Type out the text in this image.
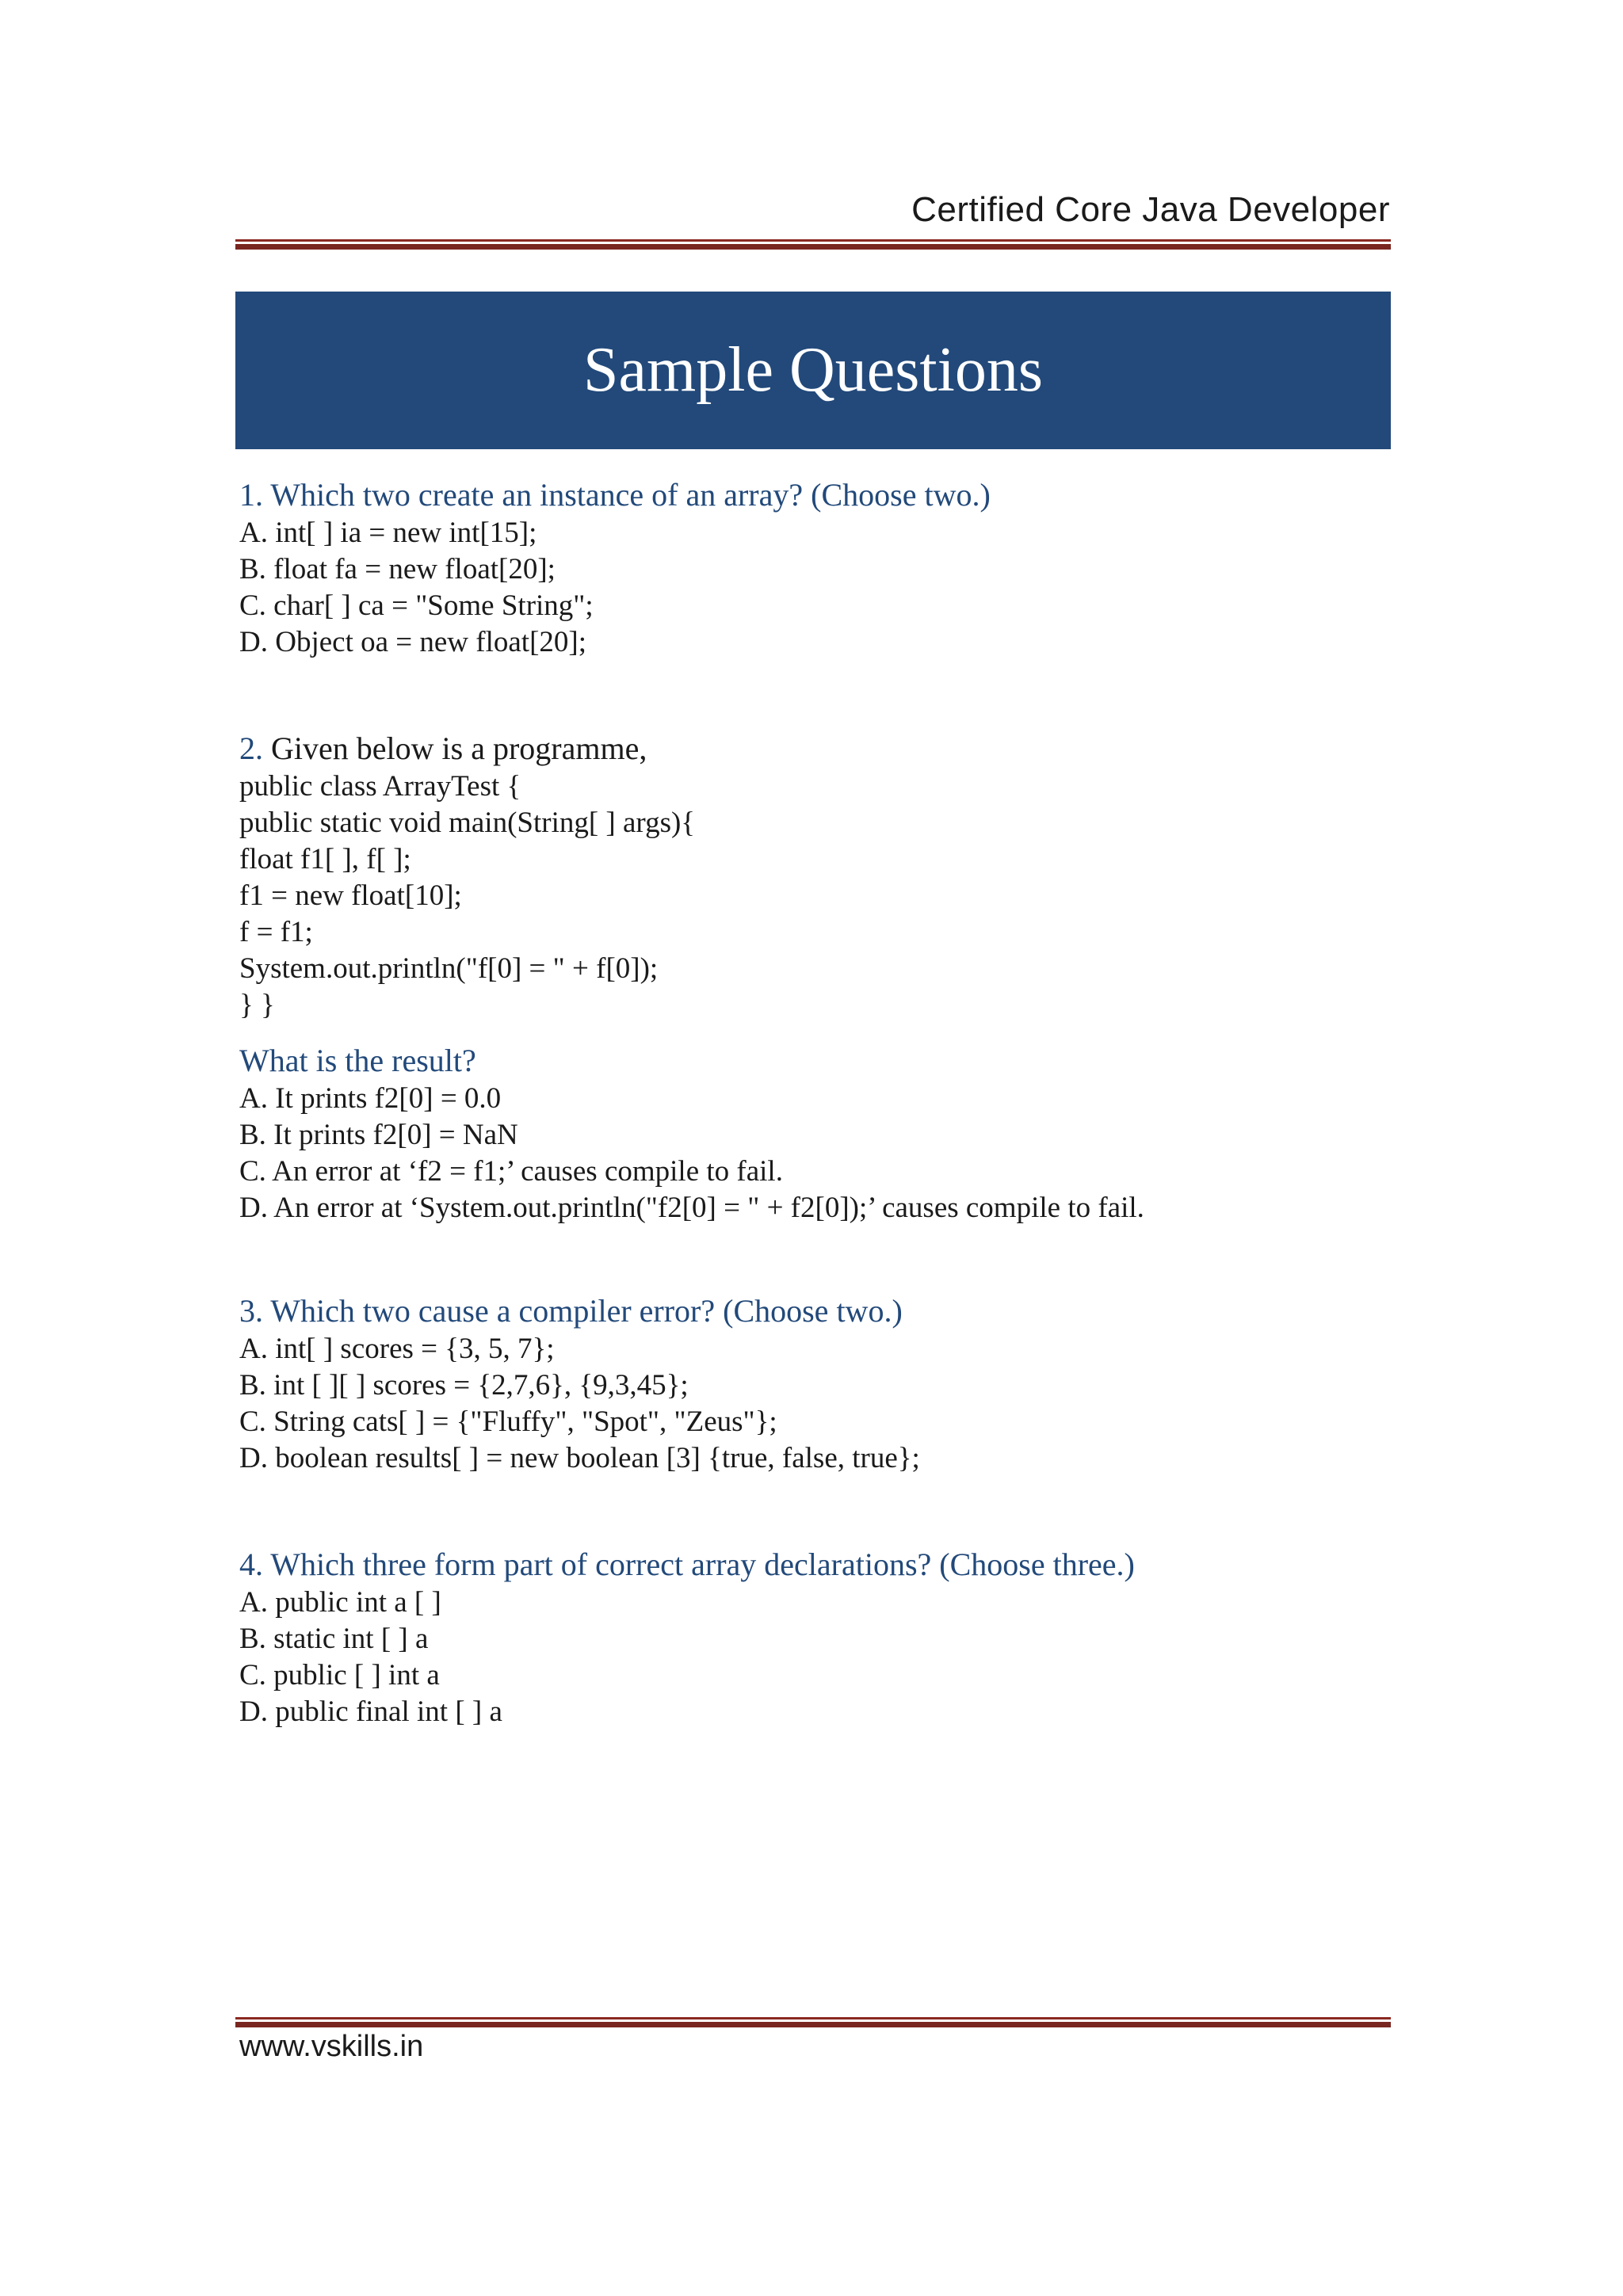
Certified Core Java Developer
Sample Questions

1. Which two create an instance of an array? (Choose two.)

A. int[ ] ia = new int[15];

B. float fa = new float[20];

C. char[ ] ca = "Some String";

D. Object oa = new float[20];

2. Given below is a programme,

public class ArrayTest {

public static void main(String[ ] args){

float f1[ ], f[ ];

f1 = new float[10];

f = f1;

System.out.println("f[0] = " + f[0]);

} }

What is the result?

A. It prints f2[0] = 0.0

B. It prints f2[0] = NaN

C. An error at ‘f2 = f1;’ causes compile to fail.

D. An error at ‘System.out.println("f2[0] = " + f2[0]);’ causes compile to fail.

3. Which two cause a compiler error? (Choose two.)

A. int[ ] scores = {3, 5, 7};

B. int [ ][ ] scores = {2,7,6}, {9,3,45};

C. String cats[ ] = {"Fluffy", "Spot", "Zeus"};

D. boolean results[ ] = new boolean [3] {true, false, true};

4. Which three form part of correct array declarations? (Choose three.)

A. public int a [ ]

B. static int [ ] a

C. public [ ] int a

D. public final int [ ] a

www.vskills.in
